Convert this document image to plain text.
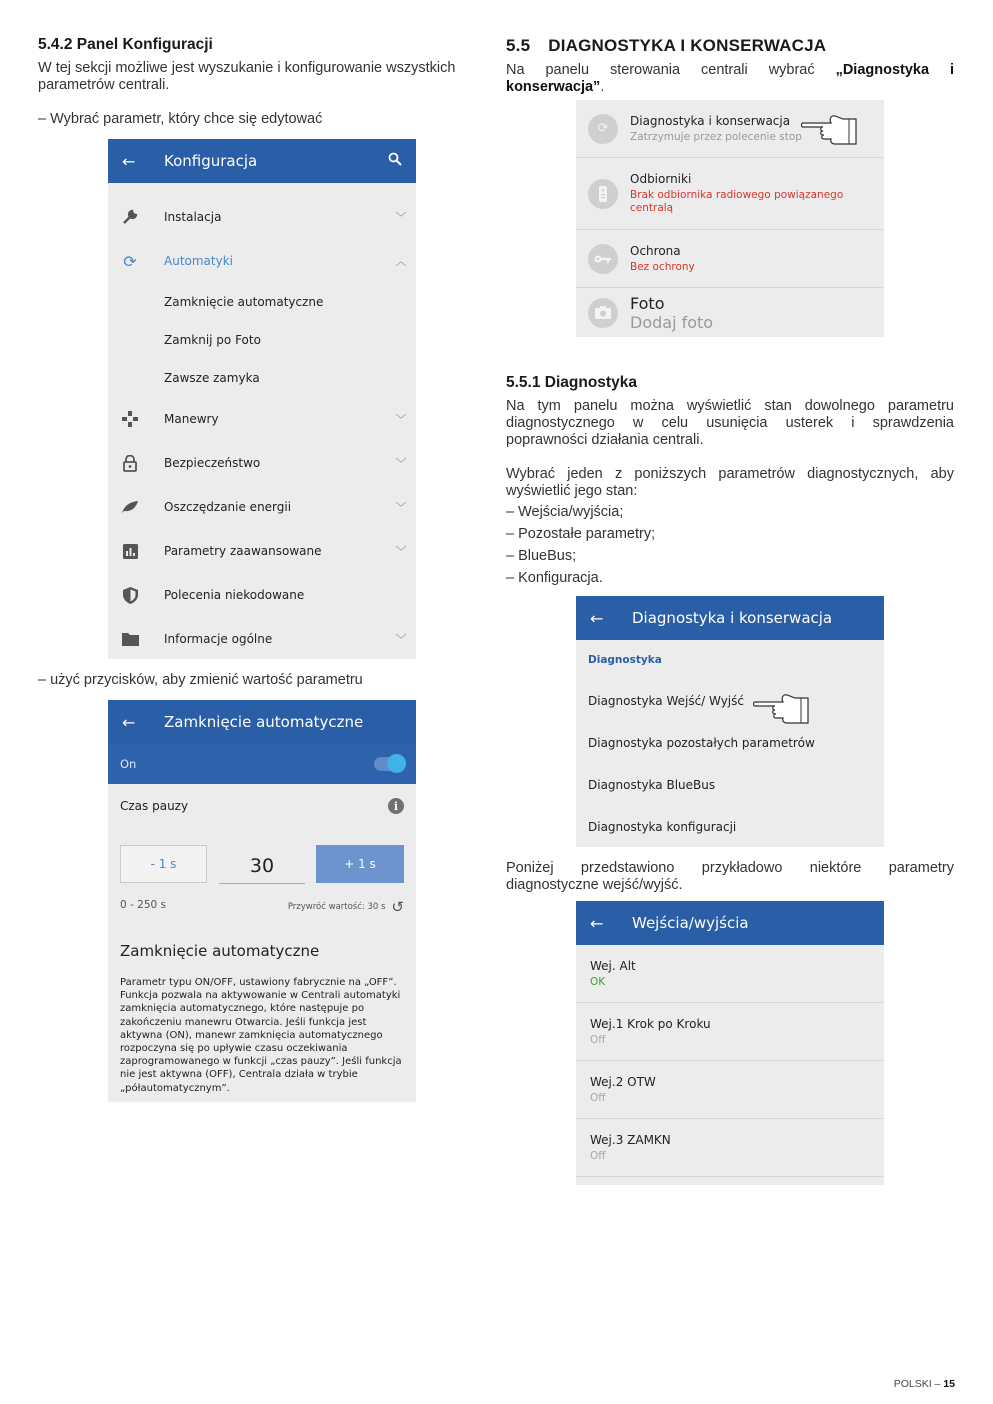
5.4.2 Panel Konfiguracji
W tej sekcji możliwe jest wyszukanie i konfigurowanie wszystkich parametrów centrali.
– Wybrać parametr, który chce się edytować
←	Konfiguracja
Instalacja	﹀
⟳	Automatyki	︿
Zamknięcie automatyczne
Zamknij po Foto
Zawsze zamyka
Manewry	﹀
Bezpieczeństwo	﹀
Oszczędzanie energii	﹀
Parametry zaawansowane	﹀
Polecenia niekodowane
Informacje ogólne	﹀
– użyć przycisków, aby zmienić wartość parametru
←	Zamknięcie automatyczne
On
Czas pauzy	i
- 1 s	30	+ 1 s
0 - 250 s	Przywróć wartość: 30 s ↺
Zamknięcie automatyczne
Parametr typu ON/OFF, ustawiony fabrycznie na „OFF”. Funkcja pozwala na aktywowanie w Centrali automatyki zamknięcia automatycznego, które następuje po zakończeniu manewru Otwarcia. Jeśli funkcja jest aktywna (ON), manewr zamknięcia automatycznego rozpoczyna się po upływie czasu oczekiwania zaprogramowanego w funkcji „czas pauzy”. Jeśli funkcja nie jest aktywna (OFF), Centrala działa w trybie „półautomatycznym”.
5.5 DIAGNOSTYKA I KONSERWACJA
Na panelu sterowania centrali wybrać „Diagnostyka i
konserwacja”.
⟳	Diagnostyka i konserwacja
Zatrzymuje przez polecenie stop
Odbiorniki
Brak odbiornika radiowego powiązanego centralą
Ochrona
Bez ochrony
Foto
Dodaj foto
5.5.1 Diagnostyka
Na tym panelu można wyświetlić stan dowolnego parametru diagnostycznego w celu usunięcia usterek i sprawdzenia poprawności działania centrali.
Wybrać jeden z poniższych parametrów diagnostycznych, aby wyświetlić jego stan:
– Wejścia/wyjścia;
– Pozostałe parametry;
– BlueBus;
– Konfiguracja.
←	Diagnostyka i konserwacja
Diagnostyka
Diagnostyka Wejść/ Wyjść
Diagnostyka pozostałych parametrów
Diagnostyka BlueBus
Diagnostyka konfiguracji
Poniżej przedstawiono przykładowo niektóre parametry diagnostyczne wejść/wyjść.
←	Wejścia/wyjścia
Wej. Alt
OK
Wej.1 Krok po Kroku
Off
Wej.2 OTW
Off
Wej.3 ZAMKN
Off
POLSKI – 15
